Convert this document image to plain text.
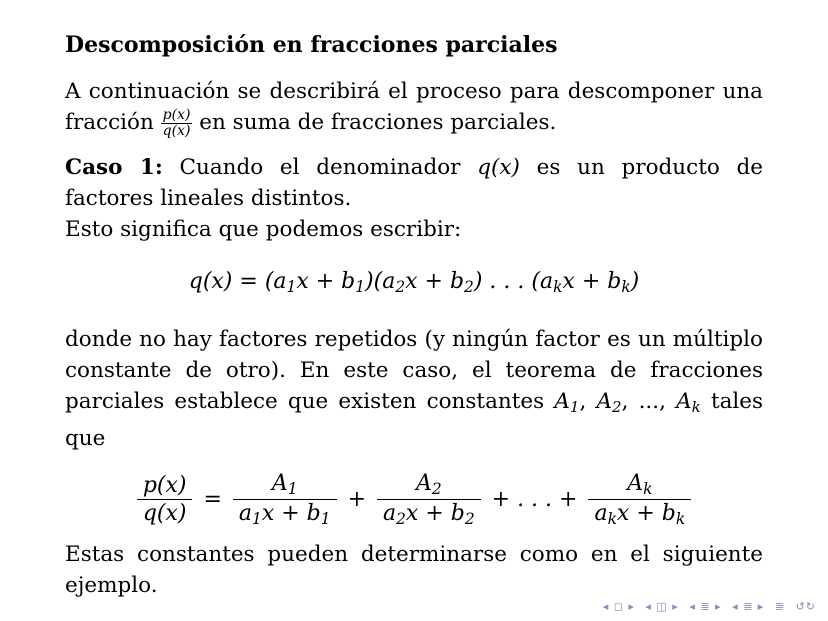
Descomposición en fracciones parciales

A continuación se describirá el proceso para descomponer una fracción $\frac{p(x)}{q(x)}$ en suma de fracciones parciales.

Caso 1: Cuando el denominador q(x) es un producto de factores lineales distintos.
Esto significa que podemos escribir:

$q(x) = (a_1x + b_1)(a_2x + b_2)$ . . . $(a_kx + b_k)$

donde no hay factores repetidos (y ningún factor es un múltiplo constante de otro). En este caso, el teorema de fracciones parciales establece que existen constantes $A_1$, $A_2$, ..., $A_k$ tales que

$\frac{p(x)}{q(x)} = \frac{A_1}{a_1x + b_1} + \frac{A_2}{a_2x + b_2}$ + . . . + $\frac{A_k}{a_kx + b_k}$

Estas constantes pueden determinarse como en el siguiente ejemplo.

◂ ◻ ▸ ◂ ◫ ▸ ◂ ≣ ▸ ◂ ≣ ▸ ≣ ↺↻
